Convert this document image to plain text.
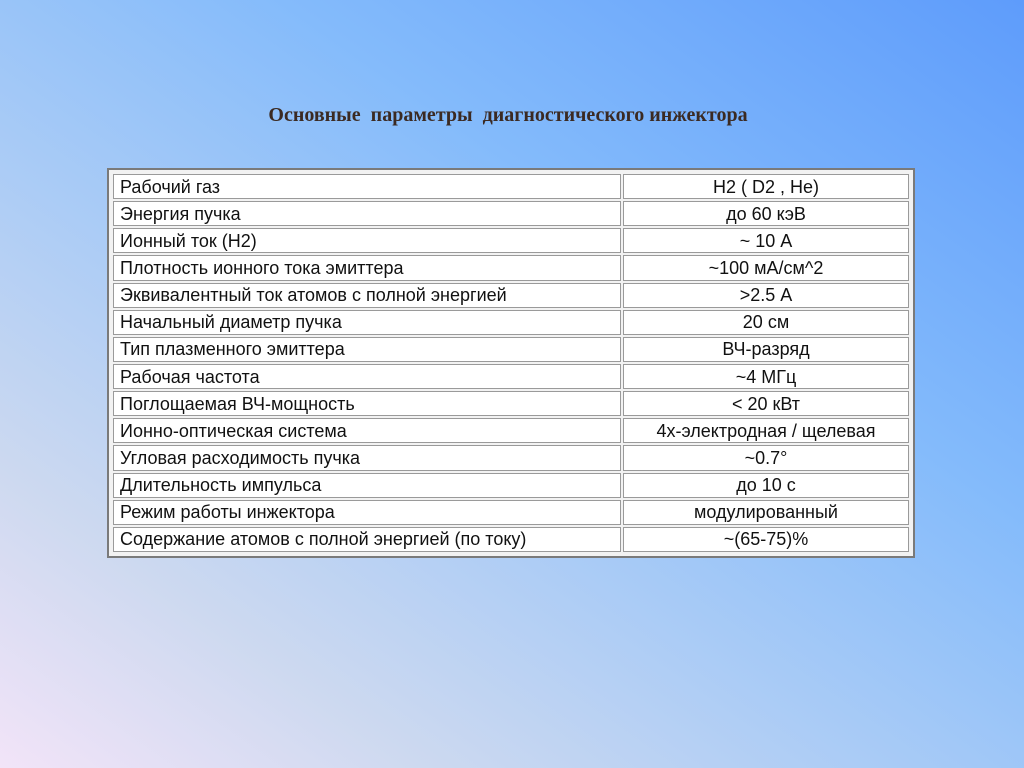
Основные  параметры  диагностического инжектора
Рабочий газ	H2 ( D2 , He)
Энергия пучка	до 60 кэВ
Ионный ток (H2)	~ 10 А
Плотность ионного тока эмиттера	~100 мА/см^2
Эквивалентный ток атомов с полной энергией	>2.5 А
Начальный диаметр пучка	20 см
Тип плазменного эмиттера	ВЧ-разряд
Рабочая частота	~4 МГц
Поглощаемая ВЧ-мощность	< 20 кВт
Ионно-оптическая система	4х-электродная / щелевая
Угловая расходимость пучка	~0.7°
Длительность импульса	до 10 с
Режим работы инжектора	модулированный
Содержание атомов с полной энергией (по току)	~(65-75)%
